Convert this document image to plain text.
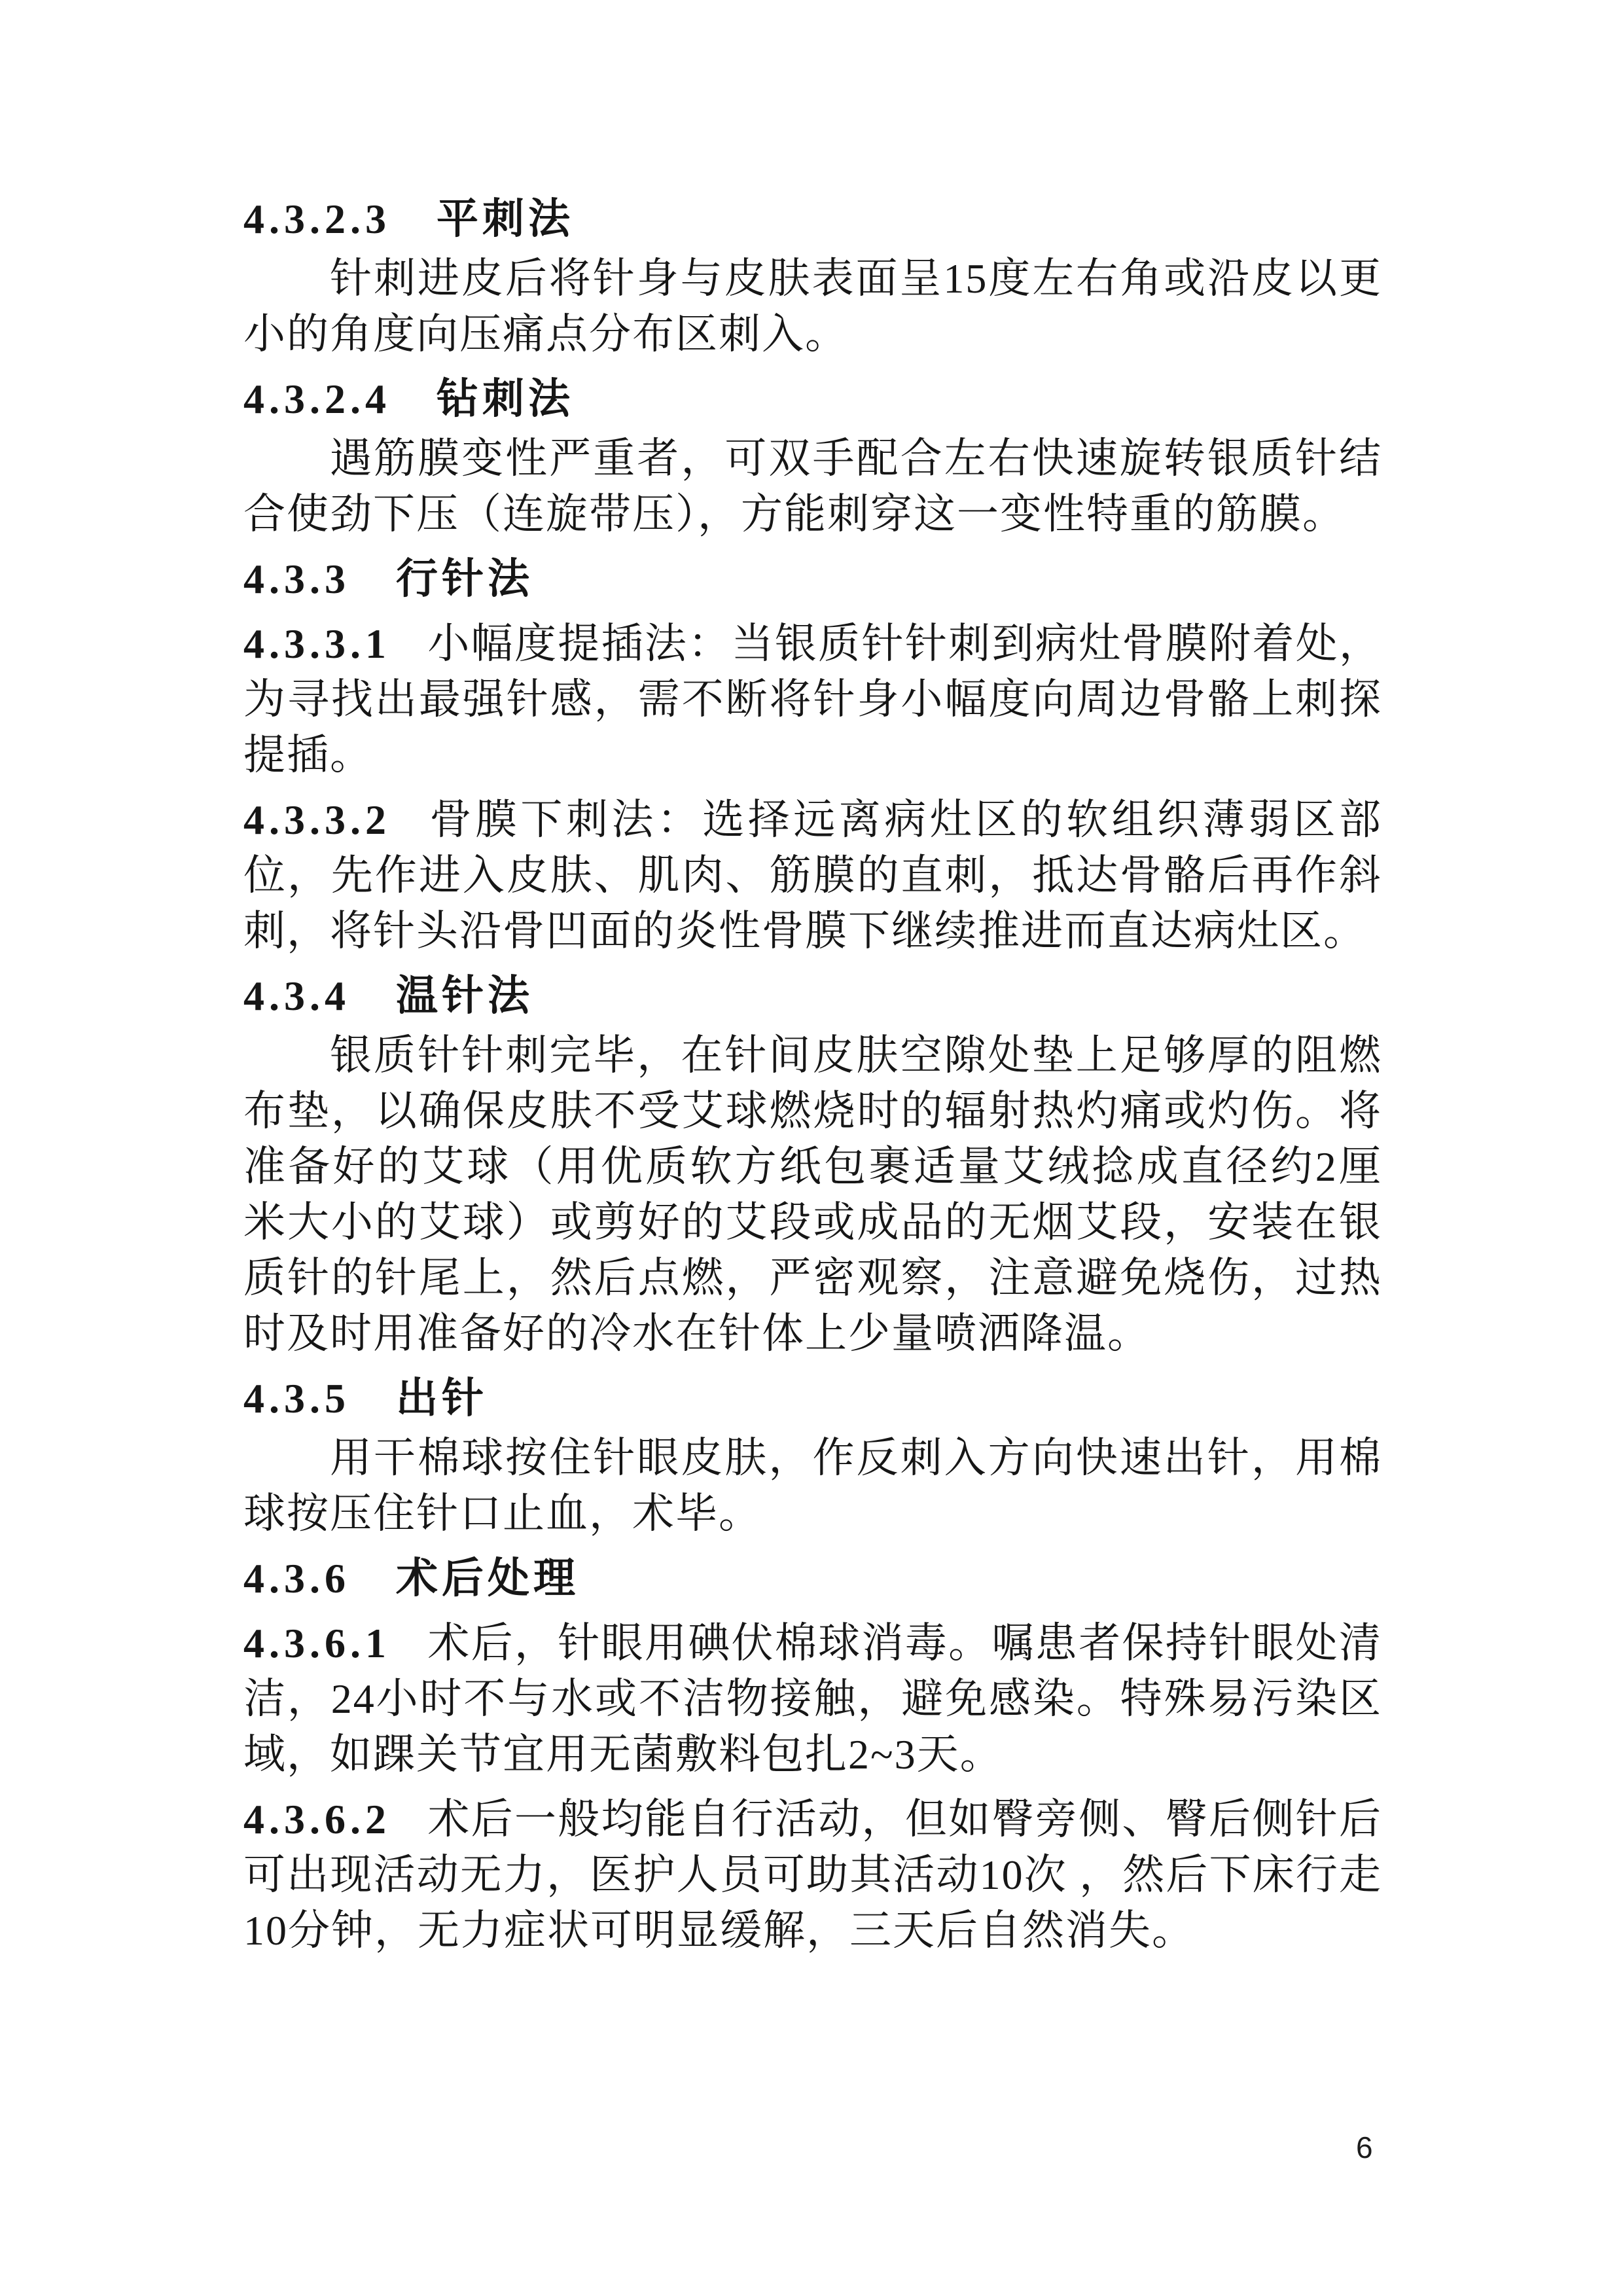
4.3.2.3 平刺法

针刺进皮后将针身与皮肤表面呈15度左右角或沿皮以更小的角度向压痛点分布区刺入。

4.3.2.4 钻刺法

遇筋膜变性严重者，可双手配合左右快速旋转银质针结合使劲下压（连旋带压），方能刺穿这一变性特重的筋膜。

4.3.3 行针法

4.3.3.1 小幅度提插法：当银质针针刺到病灶骨膜附着处，为寻找出最强针感，需不断将针身小幅度向周边骨骼上刺探提插。

4.3.3.2 骨膜下刺法：选择远离病灶区的软组织薄弱区部位，先作进入皮肤、肌肉、筋膜的直刺，抵达骨骼后再作斜刺，将针头沿骨凹面的炎性骨膜下继续推进而直达病灶区。

4.3.4 温针法

银质针针刺完毕，在针间皮肤空隙处垫上足够厚的阻燃布垫，以确保皮肤不受艾球燃烧时的辐射热灼痛或灼伤。将准备好的艾球（用优质软方纸包裹适量艾绒捻成直径约2厘米大小的艾球）或剪好的艾段或成品的无烟艾段，安装在银质针的针尾上，然后点燃，严密观察，注意避免烧伤，过热时及时用准备好的冷水在针体上少量喷洒降温。

4.3.5 出针

用干棉球按住针眼皮肤，作反刺入方向快速出针，用棉球按压住针口止血，术毕。

4.3.6 术后处理

4.3.6.1 术后，针眼用碘伏棉球消毒。嘱患者保持针眼处清洁，24小时不与水或不洁物接触，避免感染。特殊易污染区域，如踝关节宜用无菌敷料包扎2~3天。

4.3.6.2 术后一般均能自行活动，但如臀旁侧、臀后侧针后可出现活动无力，医护人员可助其活动10次 ，然后下床行走10分钟，无力症状可明显缓解，三天后自然消失。

6
